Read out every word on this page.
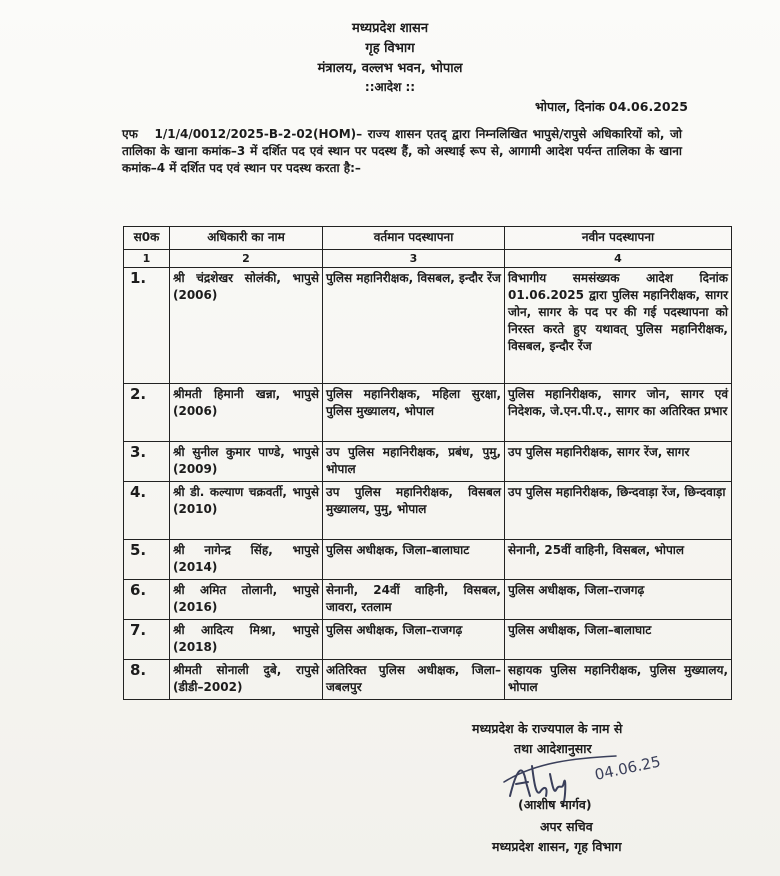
मध्यप्रदेश शासन
गृह विभाग
मंत्रालय, वल्लभ भवन, भोपाल
::आदेश ::
भोपाल, दिनांक 04.06.2025
एफ 1/1/4/0012/2025-B-2-02(HOM)– राज्य शासन एतद् द्वारा निम्नलिखित भापुसे/रापुसे अधिकारियों को, जो तालिका के खाना कमांक–3 में दर्शित पद एवं स्थान पर पदस्थ हैं, को अस्थाई रूप से, आगामी आदेश पर्यन्त तालिका के खाना कमांक–4 में दर्शित पद एवं स्थान पर पदस्थ करता है:–
स0क	अधिकारी का नाम	वर्तमान पदस्थापना	नवीन पदस्थापना
1	2	3	4
1.	श्री चंद्रशेखर सोलंकी, भापुसे (2006)	पुलिस महानिरीक्षक, विसबल, इन्दौर रेंज	विभागीय समसंख्यक आदेश दिनांक 01.06.2025 द्वारा पुलिस महानिरीक्षक, सागर जोन, सागर के पद पर की गई पदस्थापना को निरस्त करते हुए यथावत् पुलिस महानिरीक्षक, विसबल, इन्दौर रेंज
2.	श्रीमती हिमानी खन्ना, भापुसे (2006)	पुलिस महानिरीक्षक, महिला सुरक्षा, पुलिस मुख्यालय, भोपाल	पुलिस महानिरीक्षक, सागर जोन, सागर एवं निदेशक, जे.एन.पी.ए., सागर का अतिरिक्त प्रभार
3.	श्री सुनील कुमार पाण्डे, भापुसे (2009)	उप पुलिस महानिरीक्षक, प्रबंध, पुमु, भोपाल	उप पुलिस महानिरीक्षक, सागर रेंज, सागर
4.	श्री डी. कल्याण चक्रवर्ती, भापुसे (2010)	उप पुलिस महानिरीक्षक, विसबल मुख्यालय, पुमु, भोपाल	उप पुलिस महानिरीक्षक, छिन्दवाड़ा रेंज, छिन्दवाड़ा
5.	श्री नागेन्द्र सिंह, भापुसे (2014)	पुलिस अधीक्षक, जिला–बालाघाट	सेनानी, 25वीं वाहिनी, विसबल, भोपाल
6.	श्री अमित तोलानी, भापुसे (2016)	सेनानी, 24वीं वाहिनी, विसबल, जावरा, रतलाम	पुलिस अधीक्षक, जिला–राजगढ़
7.	श्री आदित्य मिश्रा, भापुसे (2018)	पुलिस अधीक्षक, जिला–राजगढ़	पुलिस अधीक्षक, जिला–बालाघाट
8.	श्रीमती सोनाली दुबे, रापुसे (डीडी–2002)	अतिरिक्त पुलिस अधीक्षक, जिला–जबलपुर	सहायक पुलिस महानिरीक्षक, पुलिस मुख्यालय, भोपाल
मध्यप्रदेश के राज्यपाल के नाम से
तथा आदेशानुसार
04.06.25
(आशीष भार्गव)
अपर सचिव
मध्यप्रदेश शासन, गृह विभाग
